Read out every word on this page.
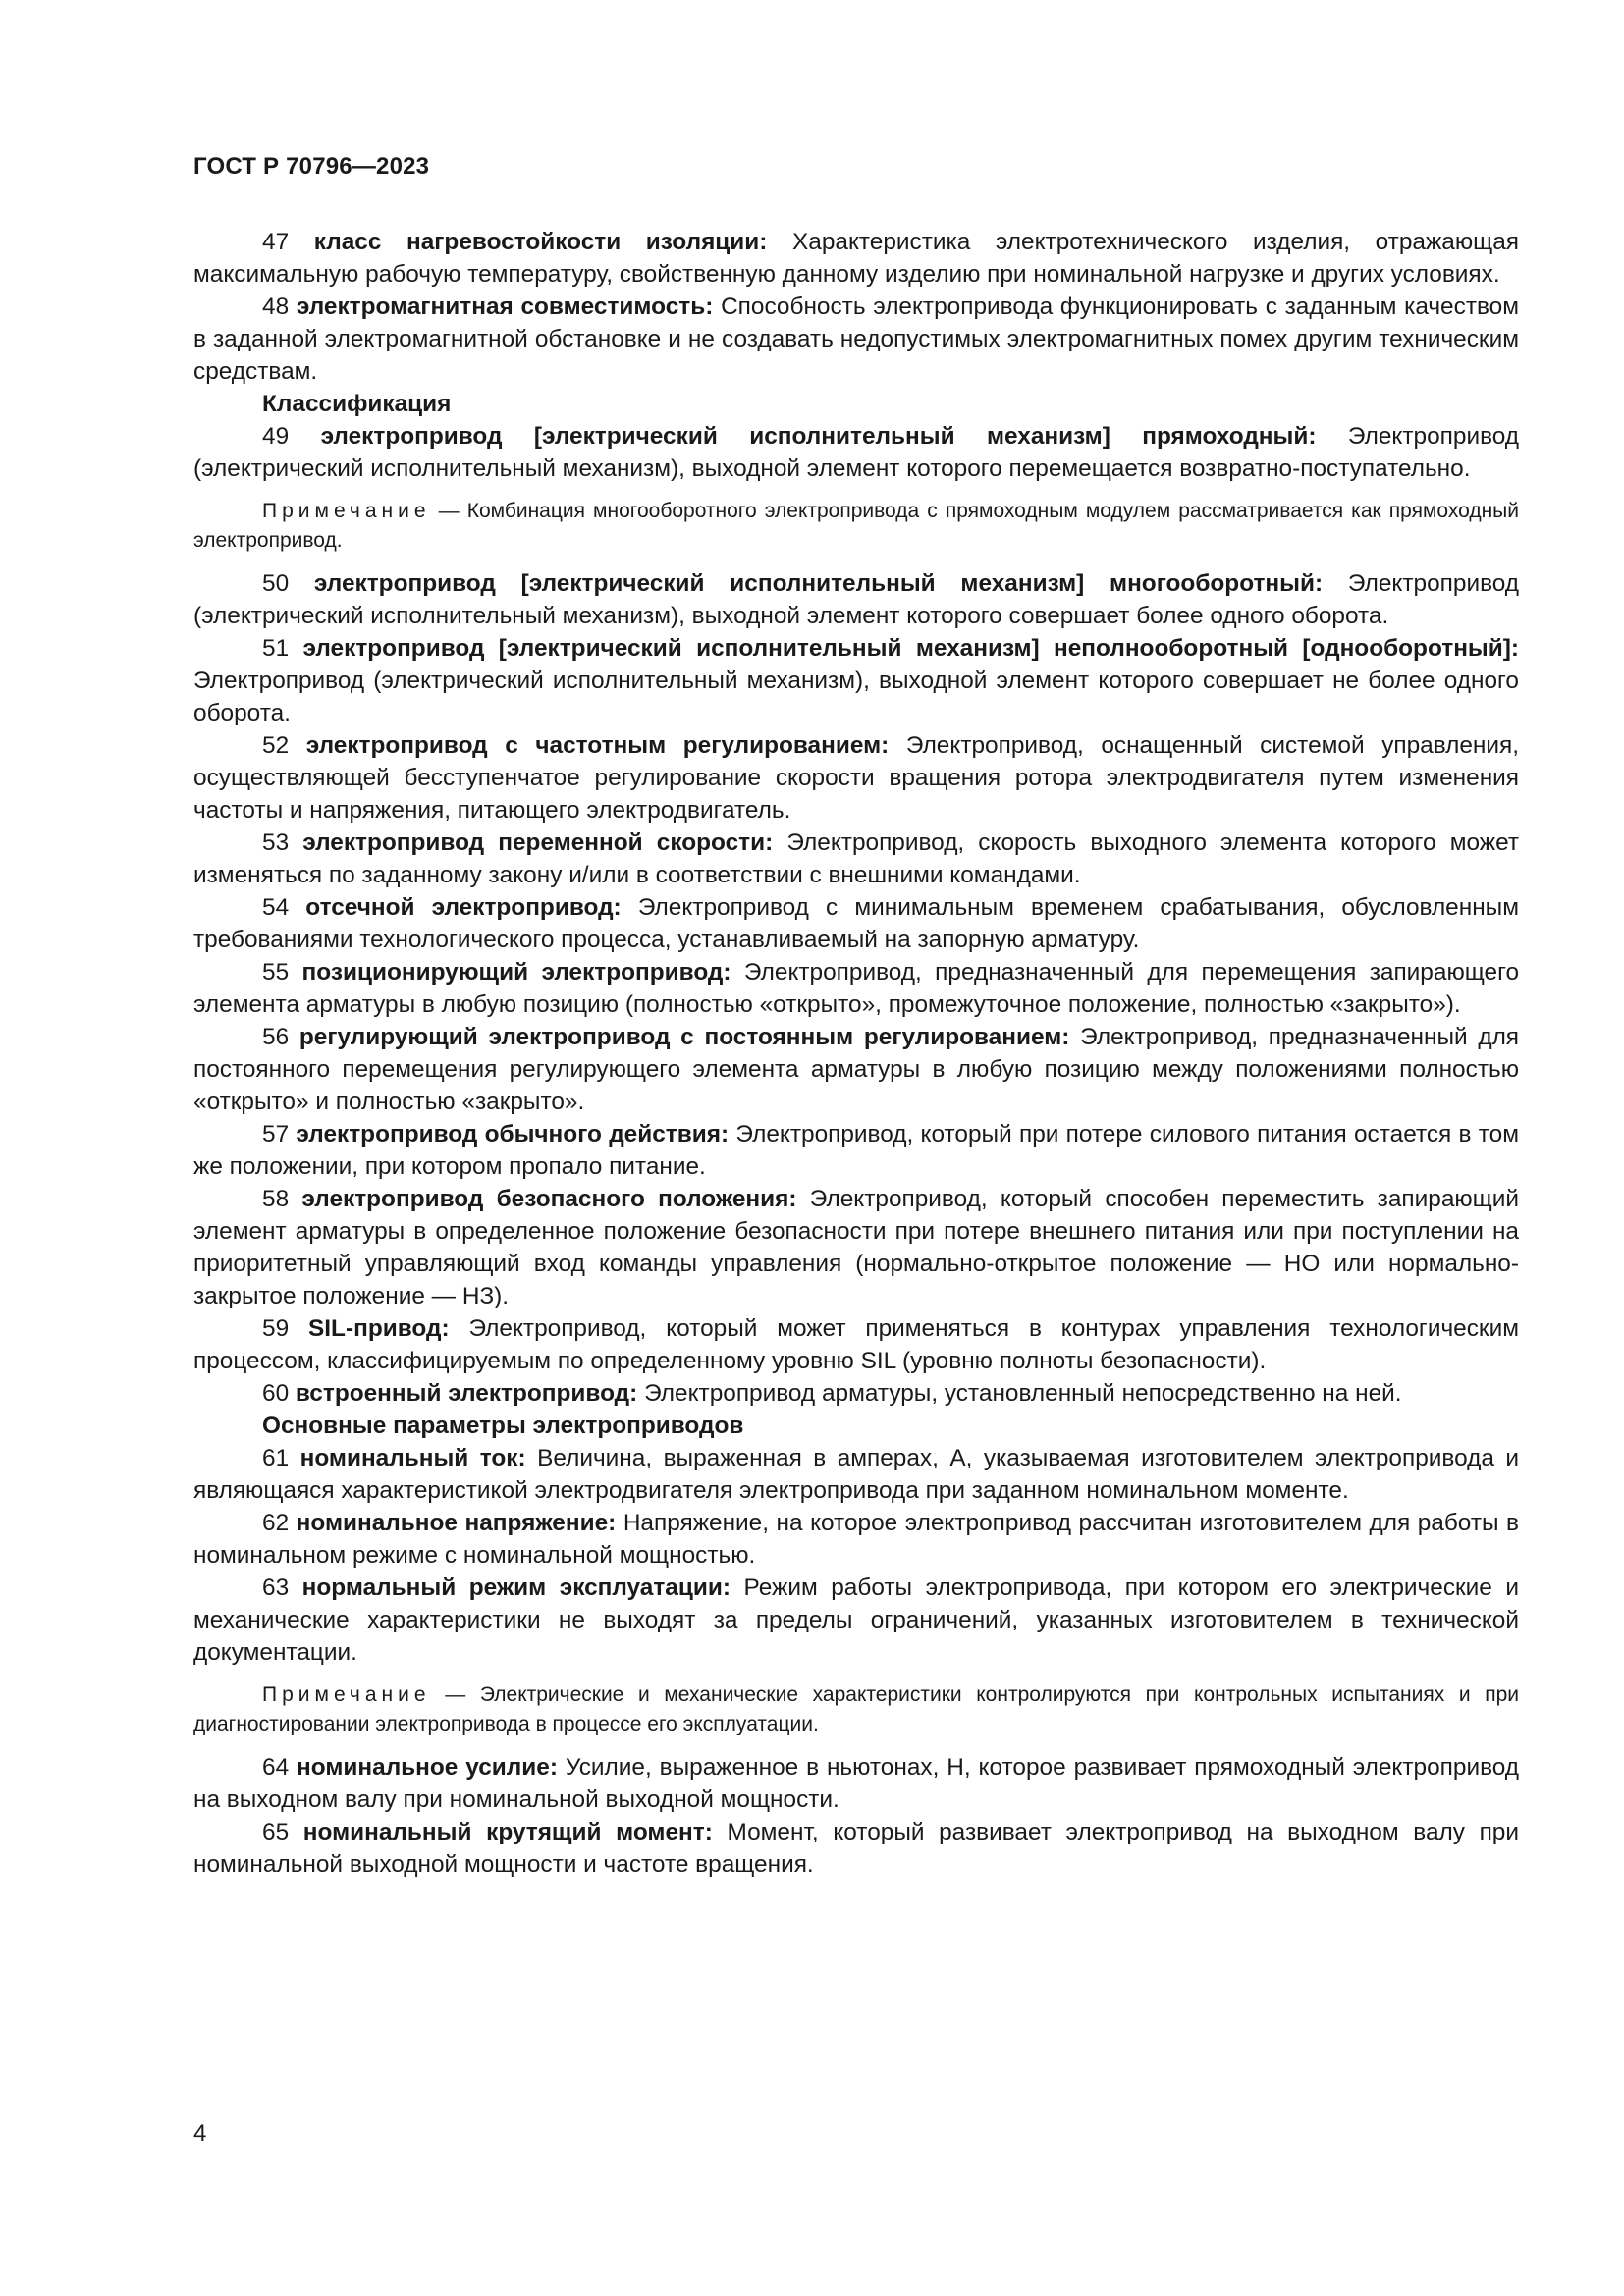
ГОСТ Р 70796—2023

47 класс нагревостойкости изоляции: Характеристика электротехнического изделия, отражающая максимальную рабочую температуру, свойственную данному изделию при номинальной нагрузке и других условиях.

48 электромагнитная совместимость: Способность электропривода функционировать с заданным качеством в заданной электромагнитной обстановке и не создавать недопустимых электромагнитных помех другим техническим средствам.

Классификация

49 электропривод [электрический исполнительный механизм] прямоходный: Электропривод (электрический исполнительный механизм), выходной элемент которого перемещается возвратно-поступательно.

Примечание — Комбинация многооборотного электропривода с прямоходным модулем рассматривается как прямоходный электропривод.

50 электропривод [электрический исполнительный механизм] многооборотный: Электропривод (электрический исполнительный механизм), выходной элемент которого совершает более одного оборота.

51 электропривод [электрический исполнительный механизм] неполнооборотный [однооборотный]: Электропривод (электрический исполнительный механизм), выходной элемент которого совершает не более одного оборота.

52 электропривод с частотным регулированием: Электропривод, оснащенный системой управления, осуществляющей бесступенчатое регулирование скорости вращения ротора электродвигателя путем изменения частоты и напряжения, питающего электродвигатель.

53 электропривод переменной скорости: Электропривод, скорость выходного элемента которого может изменяться по заданному закону и/или в соответствии с внешними командами.

54 отсечной электропривод: Электропривод с минимальным временем срабатывания, обусловленным требованиями технологического процесса, устанавливаемый на запорную арматуру.

55 позиционирующий электропривод: Электропривод, предназначенный для перемещения запирающего элемента арматуры в любую позицию (полностью «открыто», промежуточное положение, полностью «закрыто»).

56 регулирующий электропривод с постоянным регулированием: Электропривод, предназначенный для постоянного перемещения регулирующего элемента арматуры в любую позицию между положениями полностью «открыто» и полностью «закрыто».

57 электропривод обычного действия: Электропривод, который при потере силового питания остается в том же положении, при котором пропало питание.

58 электропривод безопасного положения: Электропривод, который способен переместить запирающий элемент арматуры в определенное положение безопасности при потере внешнего питания или при поступлении на приоритетный управляющий вход команды управления (нормально-открытое положение — НО или нормально-закрытое положение — НЗ).

59 SIL-привод: Электропривод, который может применяться в контурах управления технологическим процессом, классифицируемым по определенному уровню SIL (уровню полноты безопасности).

60 встроенный электропривод: Электропривод арматуры, установленный непосредственно на ней.

Основные параметры электроприводов

61 номинальный ток: Величина, выраженная в амперах, А, указываемая изготовителем электропривода и являющаяся характеристикой электродвигателя электропривода при заданном номинальном моменте.

62 номинальное напряжение: Напряжение, на которое электропривод рассчитан изготовителем для работы в номинальном режиме с номинальной мощностью.

63 нормальный режим эксплуатации: Режим работы электропривода, при котором его электрические и механические характеристики не выходят за пределы ограничений, указанных изготовителем в технической документации.

Примечание — Электрические и механические характеристики контролируются при контрольных испытаниях и при диагностировании электропривода в процессе его эксплуатации.

64 номинальное усилие: Усилие, выраженное в ньютонах, Н, которое развивает прямоходный электропривод на выходном валу при номинальной выходной мощности.

65 номинальный крутящий момент: Момент, который развивает электропривод на выходном валу при номинальной выходной мощности и частоте вращения.

4
